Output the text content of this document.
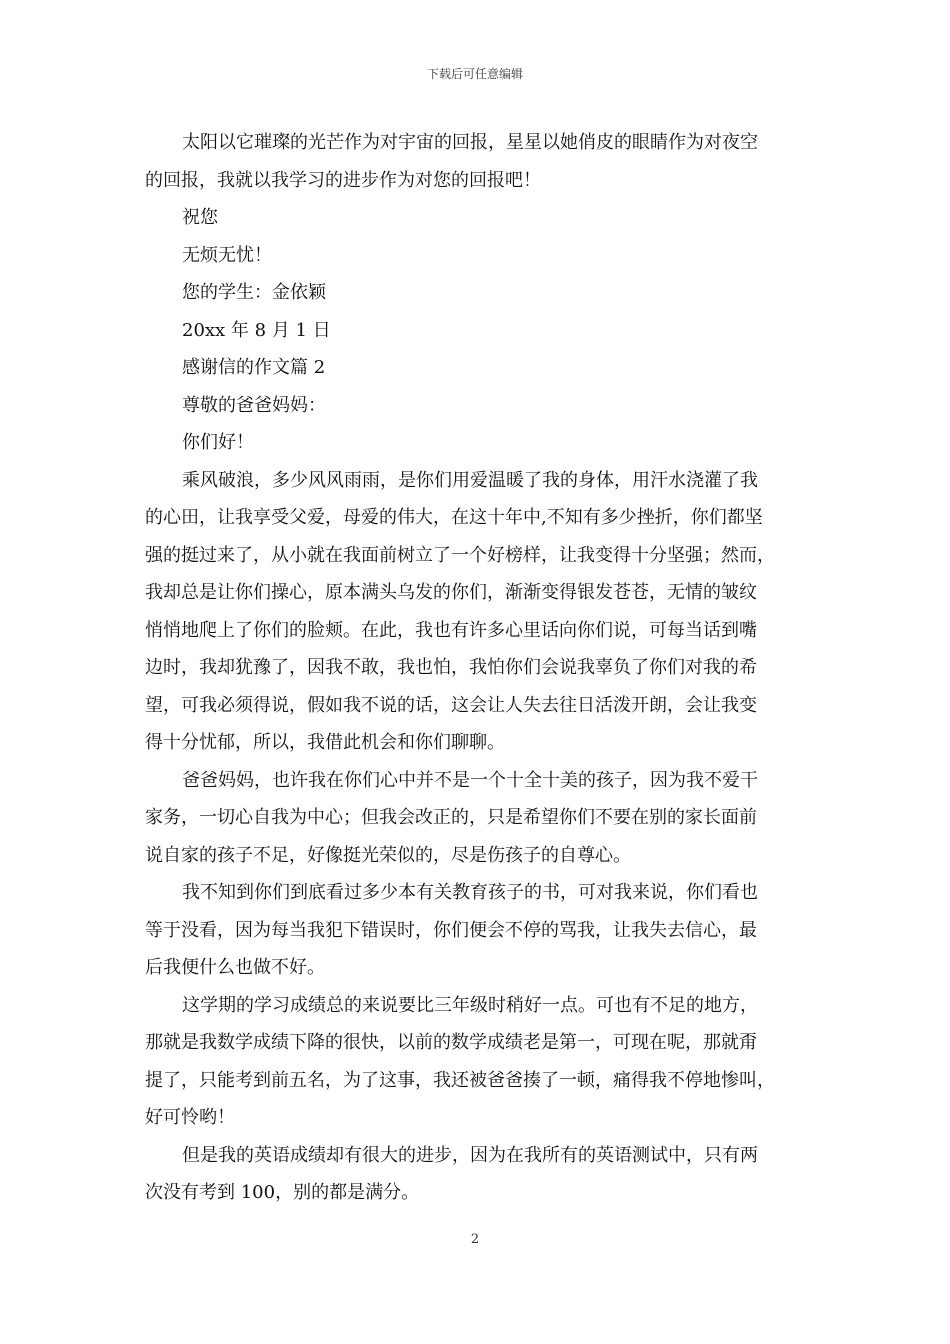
下载后可任意编辑
太阳以它璀璨的光芒作为对宇宙的回报，星星以她俏皮的眼睛作为对夜空
的回报，我就以我学习的进步作为对您的回报吧！
祝您
无烦无忧！
您的学生：金依颖
20xx 年 8 月 1 日
感谢信的作文篇 2
尊敬的爸爸妈妈：
你们好！
乘风破浪，多少风风雨雨，是你们用爱温暖了我的身体，用汗水浇灌了我
的心田，让我享受父爱，母爱的伟大，在这十年中,不知有多少挫折，你们都坚
强的挺过来了，从小就在我面前树立了一个好榜样，让我变得十分坚强；然而，
我却总是让你们操心，原本满头乌发的你们，渐渐变得银发苍苍，无情的皱纹
悄悄地爬上了你们的脸颊。在此，我也有许多心里话向你们说，可每当话到嘴
边时，我却犹豫了，因我不敢，我也怕，我怕你们会说我辜负了你们对我的希
望，可我必须得说，假如我不说的话，这会让人失去往日活泼开朗，会让我变
得十分忧郁，所以，我借此机会和你们聊聊。
爸爸妈妈，也许我在你们心中并不是一个十全十美的孩子，因为我不爱干
家务，一切心自我为中心；但我会改正的，只是希望你们不要在别的家长面前
说自家的孩子不足，好像挺光荣似的，尽是伤孩子的自尊心。
我不知到你们到底看过多少本有关教育孩子的书，可对我来说，你们看也
等于没看，因为每当我犯下错误时，你们便会不停的骂我，让我失去信心，最
后我便什么也做不好。
这学期的学习成绩总的来说要比三年级时稍好一点。可也有不足的地方，
那就是我数学成绩下降的很快，以前的数学成绩老是第一，可现在呢，那就甭
提了，只能考到前五名，为了这事，我还被爸爸揍了一顿，痛得我不停地惨叫，
好可怜哟！
但是我的英语成绩却有很大的进步，因为在我所有的英语测试中，只有两
次没有考到 100，别的都是满分。
2
